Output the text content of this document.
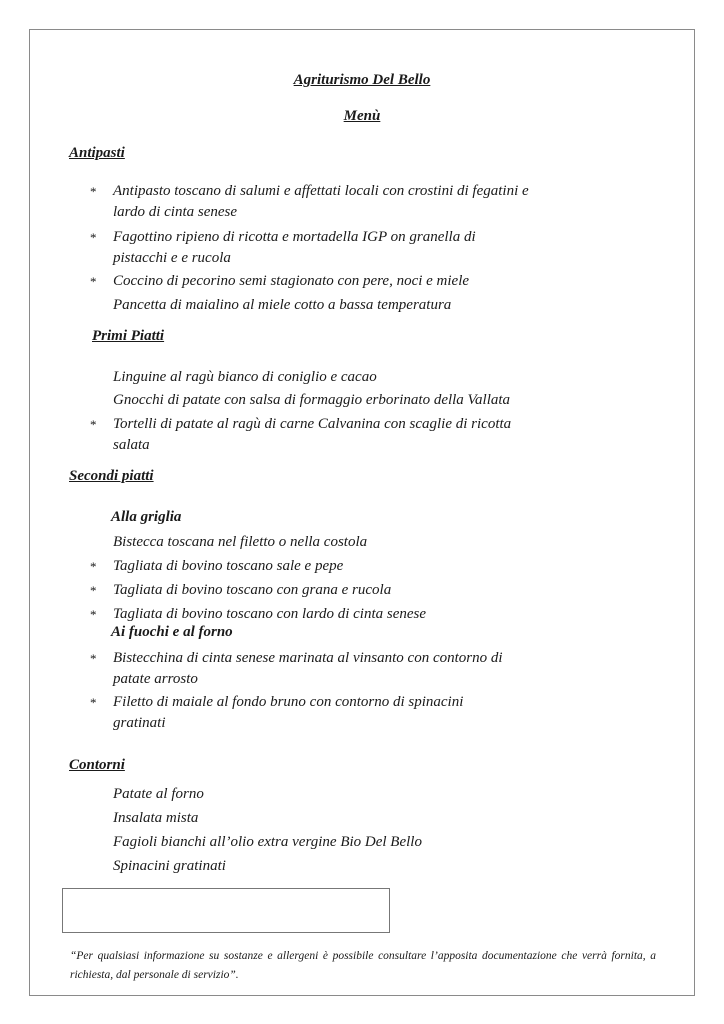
Agriturismo Del Bello
Menù
Antipasti
* Antipasto toscano di salumi e affettati locali con crostini di fegatini e lardo di cinta senese
* Fagottino ripieno di ricotta e mortadella IGP on granella di pistacchi e e rucola
* Coccino di pecorino semi stagionato con pere, noci e miele
Pancetta di maialino al miele cotto a bassa temperatura
Primi Piatti
Linguine al ragù bianco di coniglio e cacao
Gnocchi di patate con salsa di formaggio erborinato della Vallata
* Tortelli di patate al ragù di carne Calvanina con scaglie di ricotta salata
Secondi piatti
Alla griglia
Bistecca toscana nel filetto o nella costola
* Tagliata di bovino toscano sale e pepe
* Tagliata di bovino toscano con grana e rucola
* Tagliata di bovino toscano con lardo di cinta senese
Ai fuochi e al forno
* Bistecchina di cinta senese marinata al vinsanto con contorno di patate arrosto
* Filetto di maiale al fondo bruno con contorno di spinacini gratinati
Contorni
Patate al forno
Insalata mista
Fagioli bianchi all’olio extra vergine Bio Del Bello
Spinacini gratinati
“Per qualsiasi informazione su sostanze e allergeni è possibile consultare l’apposita documentazione che verrà fornita, a richiesta, dal personale di servizio”.
